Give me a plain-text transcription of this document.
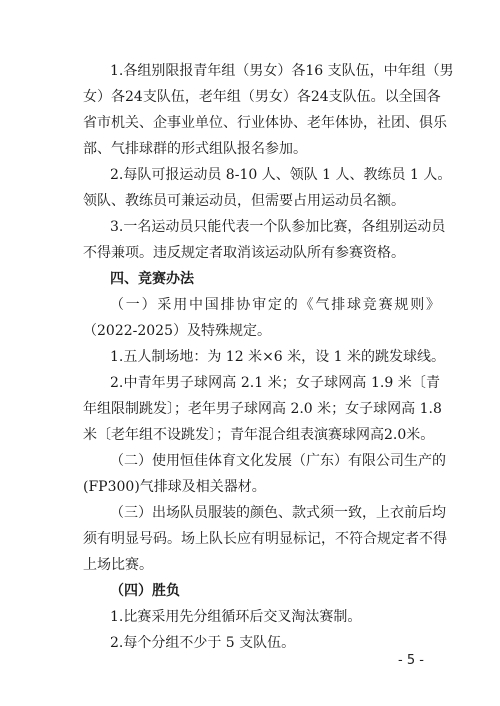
1.各组别限报青年组（男女）各16 支队伍，中年组（男
女）各24支队伍，老年组（男女）各24支队伍。以全国各
省市机关、企事业单位、行业体协、老年体协，社团、俱乐
部、气排球群的形式组队报名参加。
2.每队可报运动员 8-10 人、领队 1 人、教练员 1 人。
领队、教练员可兼运动员，但需要占用运动员名额。
3.一名运动员只能代表一个队参加比赛，各组别运动员
不得兼项。违反规定者取消该运动队所有参赛资格。
四、竞赛办法
（一）采用中国排协审定的《气排球竞赛规则》
（2022-2025）及特殊规定。
1.五人制场地：为 12 米×6 米，设 1 米的跳发球线。
2.中青年男子球网高 2.1 米；女子球网高 1.9 米〔青
年组限制跳发〕；老年男子球网高 2.0 米；女子球网高 1.8
米〔老年组不设跳发〕；青年混合组表演赛球网高2.0米。
（二）使用恒佳体育文化发展（广东）有限公司生产的
(FP300)气排球及相关器材。
（三）出场队员服装的颜色、款式须一致，上衣前后均
须有明显号码。场上队长应有明显标记，不符合规定者不得
上场比赛。
（四）胜负
1.比赛采用先分组循环后交叉淘汰赛制。
2.每个分组不少于 5 支队伍。
- 5 -
